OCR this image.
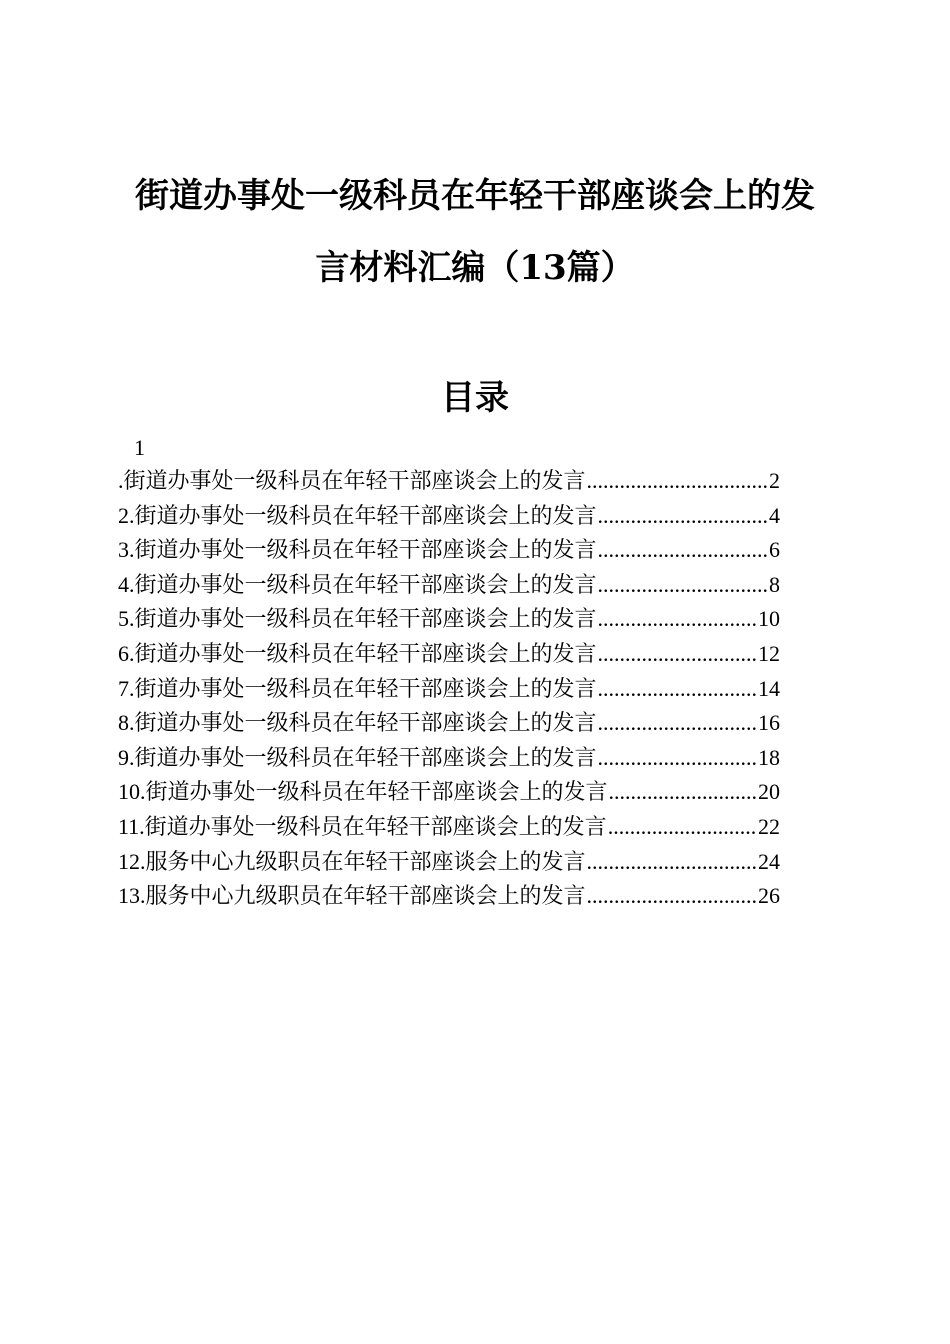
街道办事处一级科员在年轻干部座谈会上的发
言材料汇编（13篇）
目录
1
.街道办事处一级科员在年轻干部座谈会上的发言 .....	2
2.街道办事处一级科员在年轻干部座谈会上的发言 .....	4
3.街道办事处一级科员在年轻干部座谈会上的发言 .....	6
4.街道办事处一级科员在年轻干部座谈会上的发言 .....	8
5.街道办事处一级科员在年轻干部座谈会上的发言 .....	10
6.街道办事处一级科员在年轻干部座谈会上的发言 .....	12
7.街道办事处一级科员在年轻干部座谈会上的发言 .....	14
8.街道办事处一级科员在年轻干部座谈会上的发言 .....	16
9.街道办事处一级科员在年轻干部座谈会上的发言 .....	18
10.街道办事处一级科员在年轻干部座谈会上的发言 .....	20
11.街道办事处一级科员在年轻干部座谈会上的发言 .....	22
12.服务中心九级职员在年轻干部座谈会上的发言 .....	24
13.服务中心九级职员在年轻干部座谈会上的发言 .....	26
